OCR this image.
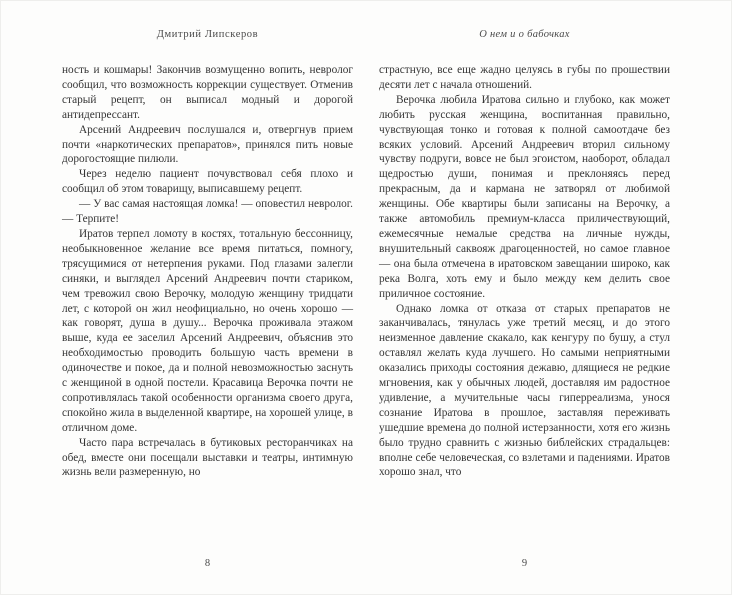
Дмитрий Липскеров

ность и кошмары! Закончив возмущенно вопить, невролог сообщил, что возможность коррекции существует. Отменив старый рецепт, он выписал модный и дорогой антидепрессант.

Арсений Андреевич послушался и, отвергнув прием почти «наркотических препаратов», принялся пить новые дорогостоящие пилюли.

Через неделю пациент почувствовал себя плохо и сообщил об этом товарищу, выписавшему рецепт.

— У вас самая настоящая ломка! — оповестил невролог. — Терпите!

Иратов терпел ломоту в костях, тотальную бессонницу, необыкновенное желание все время питаться, помногу, трясущимися от нетерпения руками. Под глазами залегли синяки, и выглядел Арсений Андреевич почти стариком, чем тревожил свою Верочку, молодую женщину тридцати лет, с которой он жил неофициально, но очень хорошо — как говорят, душа в душу... Верочка проживала этажом выше, куда ее заселил Арсений Андреевич, объяснив это необходимостью проводить большую часть времени в одиночестве и покое, да и полной невозможностью заснуть с женщиной в одной постели. Красавица Верочка почти не сопротивлялась такой особенности организма своего друга, спокойно жила в выделенной квартире, на хорошей улице, в отличном доме.

Часто пара встречалась в бутиковых ресторанчиках на обед, вместе они посещали выставки и театры, интимную жизнь вели размеренную, но

8
О нем и о бабочках

страстную, все еще жадно целуясь в губы по прошествии десяти лет с начала отношений.

Верочка любила Иратова сильно и глубоко, как может любить русская женщина, воспитанная правильно, чувствующая тонко и готовая к полной самоотдаче без всяких условий. Арсений Андреевич вторил сильному чувству подруги, вовсе не был эгоистом, наоборот, обладал щедростью души, понимая и преклоняясь перед прекрасным, да и кармана не затворял от любимой женщины. Обе квартиры были записаны на Верочку, а также автомобиль премиум-класса приличествующий, ежемесячные немалые средства на личные нужды, внушительный саквояж драгоценностей, но самое главное — она была отмечена в иратовском завещании широко, как река Волга, хоть ему и было между кем делить свое приличное состояние.

Однако ломка от отказа от старых препаратов не заканчивалась, тянулась уже третий месяц, и до этого неизменное давление скакало, как кенгуру по бушу, а стул оставлял желать куда лучшего. Но самыми неприятными оказались приходы состояния дежавю, длящиеся не редкие мгновения, как у обычных людей, доставляя им радостное удивление, а мучительные часы гиперреализма, унося сознание Иратова в прошлое, заставляя переживать ушедшие времена до полной истерзанности, хотя его жизнь было трудно сравнить с жизнью библейских страдальцев: вполне себе человеческая, со взлетами и падениями. Иратов хорошо знал, что

9
